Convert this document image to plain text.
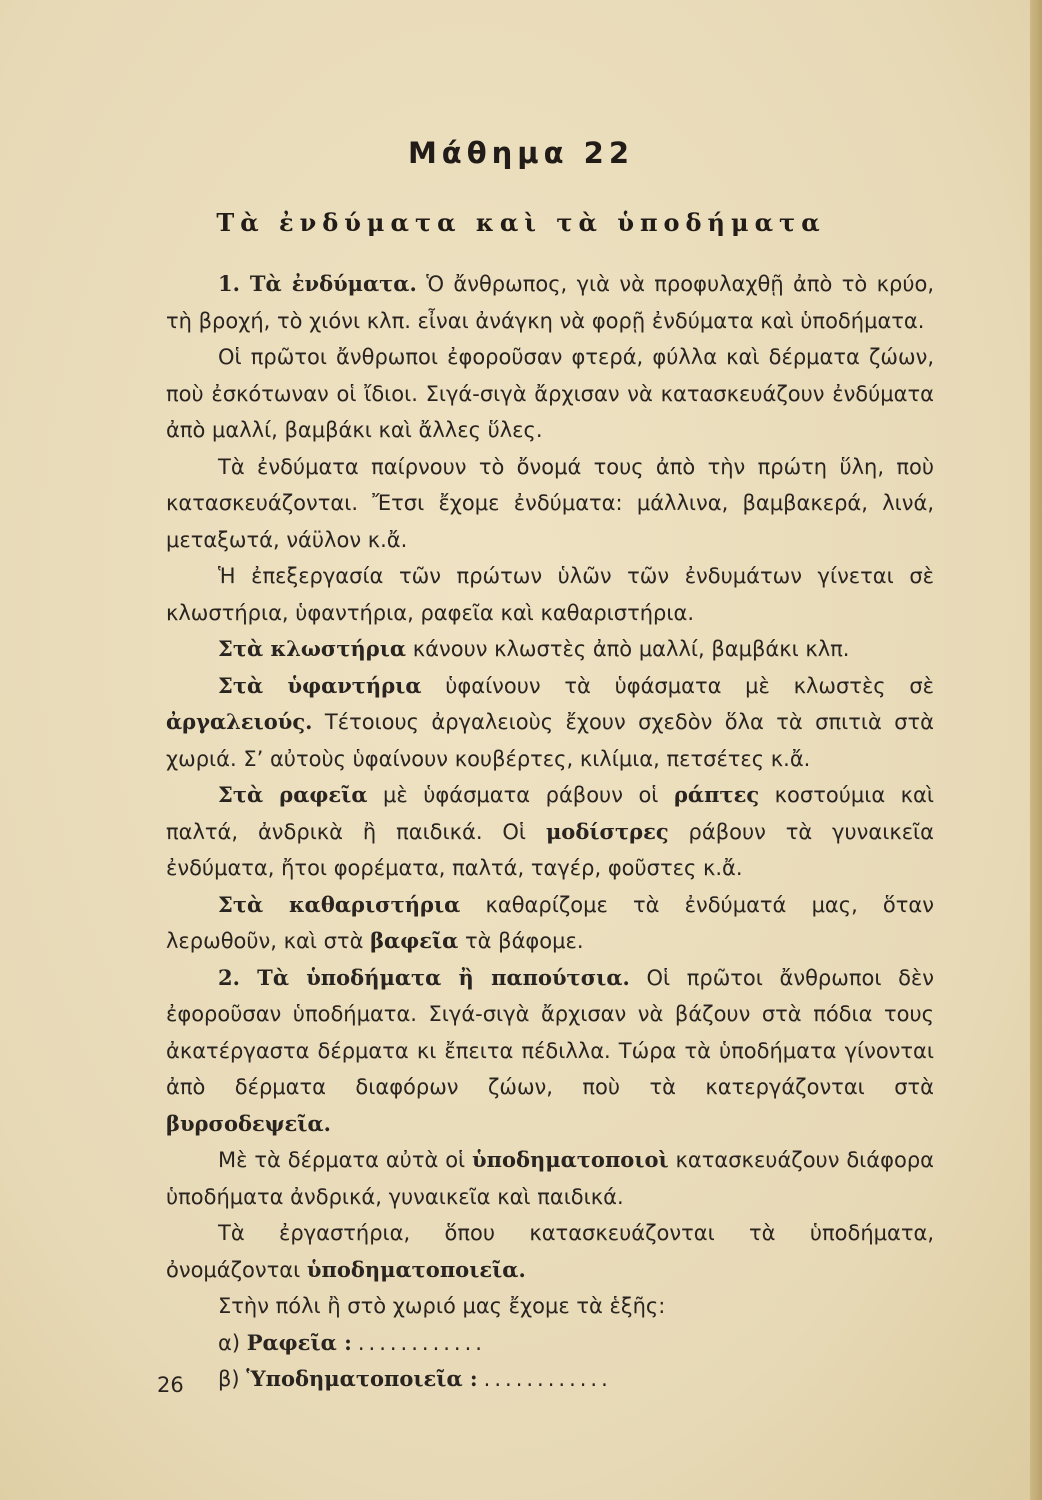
Μάθημα 22
Τὰ ἐνδύματα καὶ τὰ ὑποδήματα

1. Τὰ ἐνδύματα. Ὁ ἄνθρωπος, γιὰ νὰ προφυλαχθῇ ἀπὸ τὸ κρύο, τὴ βροχή, τὸ χιόνι κλπ. εἶναι ἀνάγκη νὰ φορῇ ἐνδύματα καὶ ὑποδήματα.

Οἱ πρῶτοι ἄνθρωποι ἐφοροῦσαν φτερά, φύλλα καὶ δέρματα ζώων, ποὺ ἐσκότωναν οἱ ἴδιοι. Σιγά-σιγὰ ἄρχισαν νὰ κατασκευάζουν ἐνδύματα ἀπὸ μαλλί, βαμβάκι καὶ ἄλλες ὕλες.

Τὰ ἐνδύματα παίρνουν τὸ ὄνομά τους ἀπὸ τὴν πρώτη ὕλη, ποὺ κατασκευάζονται. Ἔτσι ἔχομε ἐνδύματα: μάλλινα, βαμβακερά, λινά, μεταξωτά, νάϋλον κ.ἄ.

Ἡ ἐπεξεργασία τῶν πρώτων ὑλῶν τῶν ἐνδυμάτων γίνεται σὲ κλωστήρια, ὑφαντήρια, ραφεῖα καὶ καθαριστήρια.

Στὰ κλωστήρια κάνουν κλωστὲς ἀπὸ μαλλί, βαμβάκι κλπ.

Στὰ ὑφαντήρια ὑφαίνουν τὰ ὑφάσματα μὲ κλωστὲς σὲ ἀργαλειούς. Τέτοιους ἀργαλειοὺς ἔχουν σχεδὸν ὅλα τὰ σπιτιὰ στὰ χωριά. Σ’ αὐτοὺς ὑφαίνουν κουβέρτες, κιλίμια, πετσέτες κ.ἄ.

Στὰ ραφεῖα μὲ ὑφάσματα ράβουν οἱ ράπτες κοστούμια καὶ παλτά, ἀνδρικὰ ἢ παιδικά. Οἱ μοδίστρες ράβουν τὰ γυναικεῖα ἐνδύματα, ἤτοι φορέματα, παλτά, ταγέρ, φοῦστες κ.ἄ.

Στὰ καθαριστήρια καθαρίζομε τὰ ἐνδύματά μας, ὅταν λερωθοῦν, καὶ στὰ βαφεῖα τὰ βάφομε.

2. Τὰ ὑποδήματα ἢ παπούτσια. Οἱ πρῶτοι ἄνθρωποι δὲν ἐφοροῦσαν ὑποδήματα. Σιγά-σιγὰ ἄρχισαν νὰ βάζουν στὰ πόδια τους ἀκατέργαστα δέρματα κι ἔπειτα πέδιλλα. Τώρα τὰ ὑποδήματα γίνονται ἀπὸ δέρματα διαφόρων ζώων, ποὺ τὰ κατεργάζονται στὰ βυρσοδεψεῖα.

Μὲ τὰ δέρματα αὐτὰ οἱ ὑποδηματοποιοὶ κατασκευάζουν διάφορα ὑποδήματα ἀνδρικά, γυναικεῖα καὶ παιδικά.

Τὰ ἐργαστήρια, ὅπου κατασκευάζονται τὰ ὑποδήματα, ὀνομάζονται ὑποδηματοποιεῖα.

Στὴν πόλι ἢ στὸ χωριό μας ἔχομε τὰ ἑξῆς:

α)
Ραφεῖα : ............
β)
Ὑποδηματοποιεῖα : ............
26
